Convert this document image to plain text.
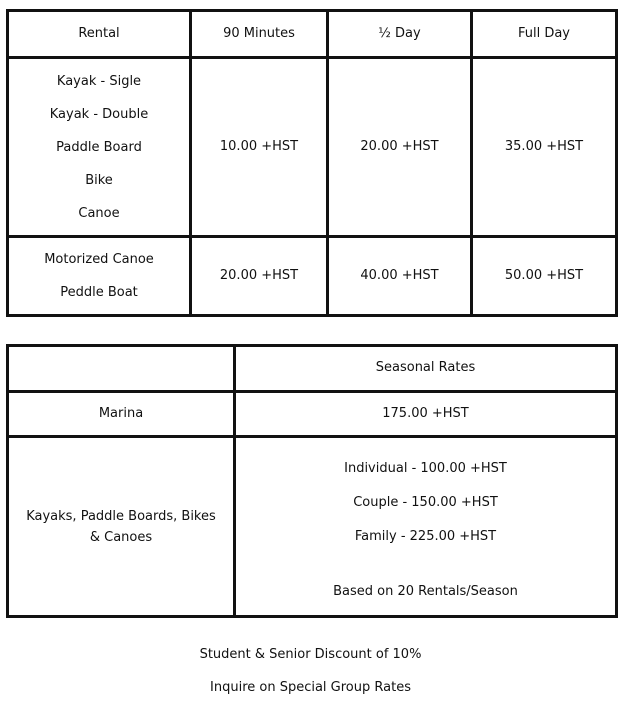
Rental	90 Minutes	½ Day	Full Day

Kayak - Sigle
Kayak - Double
Paddle Board
Bike
Canoe	10.00 +HST	20.00 +HST	35.00 +HST

Motorized Canoe
Peddle Boat	20.00 +HST	40.00 +HST	50.00 +HST
	Seasonal Rates
Marina	175.00 +HST

Kayaks, Paddle Boards, Bikes & Canoes	Individual - 100.00 +HST
Couple - 150.00 +HST
Family - 225.00 +HST
Based on 20 Rentals/Season
Student & Senior Discount of 10%
Inquire on Special Group Rates
